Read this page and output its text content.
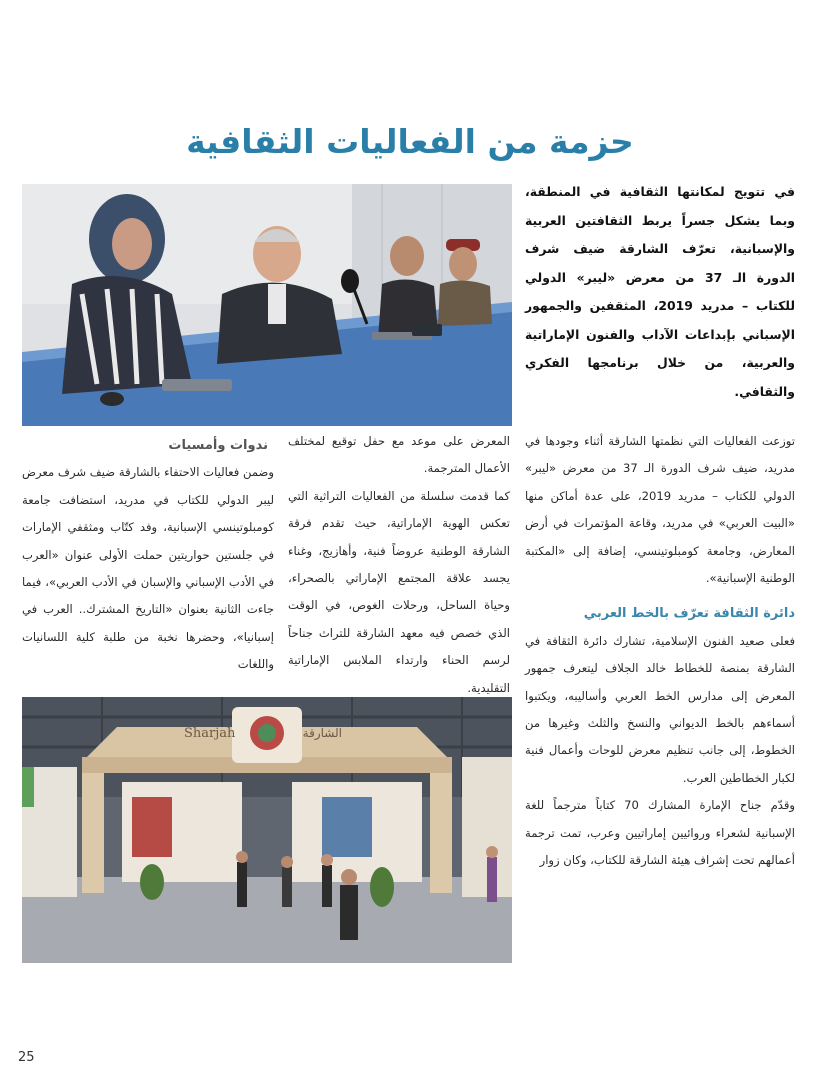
حزمة من الفعاليات الثقافية
Sharjah	الشارقة
في تتويج لمكانتها الثقافية في المنطقة، وبما يشكل جسراً يربط الثقافتين العربية والإسبانية، تعرّف الشارقة ضيف شرف الدورة الـ 37 من معرض «ليبر» الدولي للكتاب – مدريد 2019، المثقفين والجمهور الإسباني بإبداعات الآداب والفنون الإماراتية والعربية، من خلال برنامجها الفكري والثقافي.

توزعت الفعاليات التي نظمتها الشارقة أثناء وجودها في مدريد، ضيف شرف الدورة الـ 37 من معرض «ليبر» الدولي للكتاب – مدريد 2019، على عدة أماكن منها «البيت العربي» في مدريد، وقاعة المؤتمرات في أرض المعارض، وجامعة كومبلوتينسي، إضافة إلى «المكتبة الوطنية الإسبانية».

دائرة الثقافة تعرّف بالخط العربي

فعلى صعيد الفنون الإسلامية، تشارك دائرة الثقافة في الشارقة بمنصة للخطاط خالد الجلاف ليتعرف جمهور المعرض إلى مدارس الخط العربي وأساليبه، ويكتبوا أسماءهم بالخط الديواني والنسخ والثلث وغيرها من الخطوط، إلى جانب تنظيم معرض للوحات وأعمال فنية لكبار الخطاطين العرب.

وقدّم جناح الإمارة المشارك 70 كتاباً مترجماً للغة الإسبانية لشعراء وروائيين إماراتيين وعرب، تمت ترجمة أعمالهم تحت إشراف هيئة الشارقة للكتاب، وكان زوار

المعرض على موعد مع حفل توقيع لمختلف الأعمال المترجمة.

كما قدمت سلسلة من الفعاليات التراثية التي تعكس الهوية الإماراتية، حيث تقدم فرقة الشارقة الوطنية عروضاً فنية، وأهازيج، وغناء يجسد علاقة المجتمع الإماراتي بالصحراء، وحياة الساحل، ورحلات الغوص، في الوقت الذي خصص فيه معهد الشارقة للتراث جناحاً لرسم الحناء وارتداء الملابس الإماراتية التقليدية.

ندوات وأمسيات

وضمن فعاليات الاحتفاء بالشارقة ضيف شرف معرض ليبر الدولي للكتاب في مدريد، استضافت جامعة كومبلوتينسي الإسبانية، وفد كتّاب ومثقفي الإمارات في جلستين حواريتين حملت الأولى عنوان «العرب في الأدب الإسباني والإسبان في الأدب العربي»، فيما جاءت الثانية بعنوان «التاريخ المشترك.. العرب في إسبانيا»، وحضرها نخبة من طلبة كلية اللسانيات واللغات

25
